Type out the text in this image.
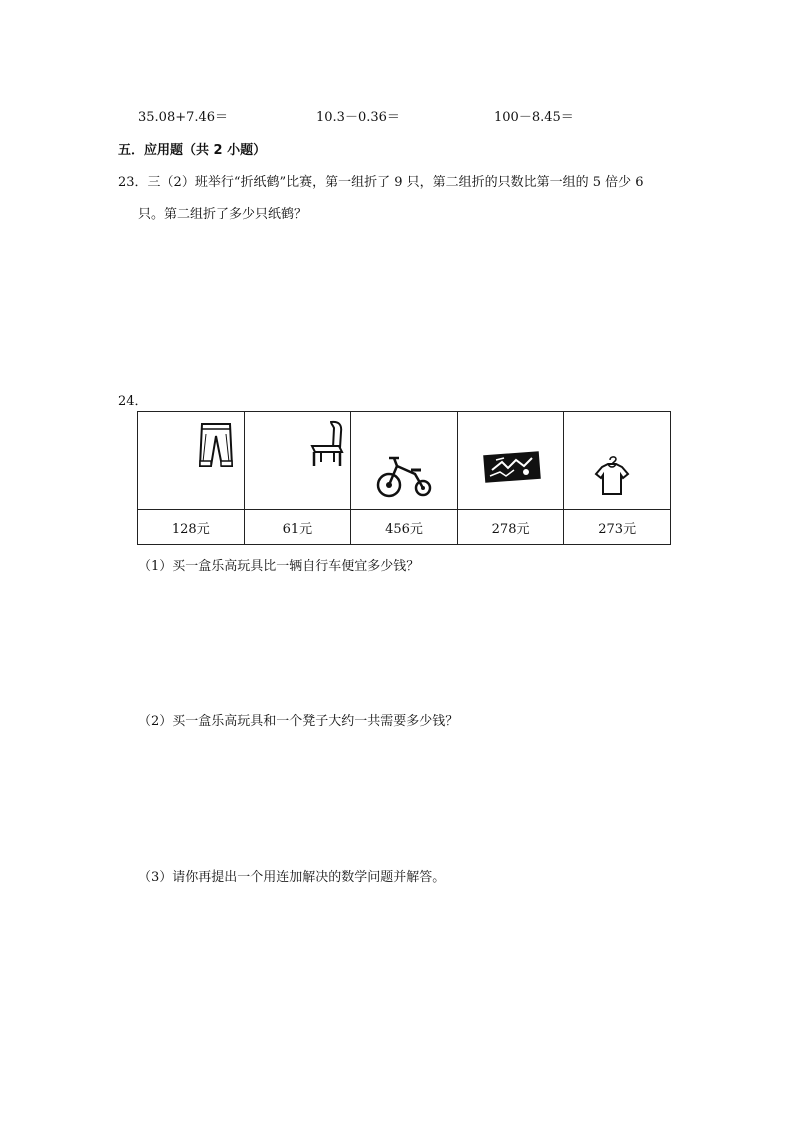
35.08+7.46＝	10.3－0.36＝	100－8.45＝
五．应用题（共 2 小题）
23．三（2）班举行“折纸鹤”比赛，第一组折了 9 只，第二组折的只数比第一组的 5 倍少 6
只。第二组折了多少只纸鹤？
24．

128元	61元	456元	278元	273元
（1）买一盒乐高玩具比一辆自行车便宜多少钱？
（2）买一盒乐高玩具和一个凳子大约一共需要多少钱？
（3）请你再提出一个用连加解决的数学问题并解答。
